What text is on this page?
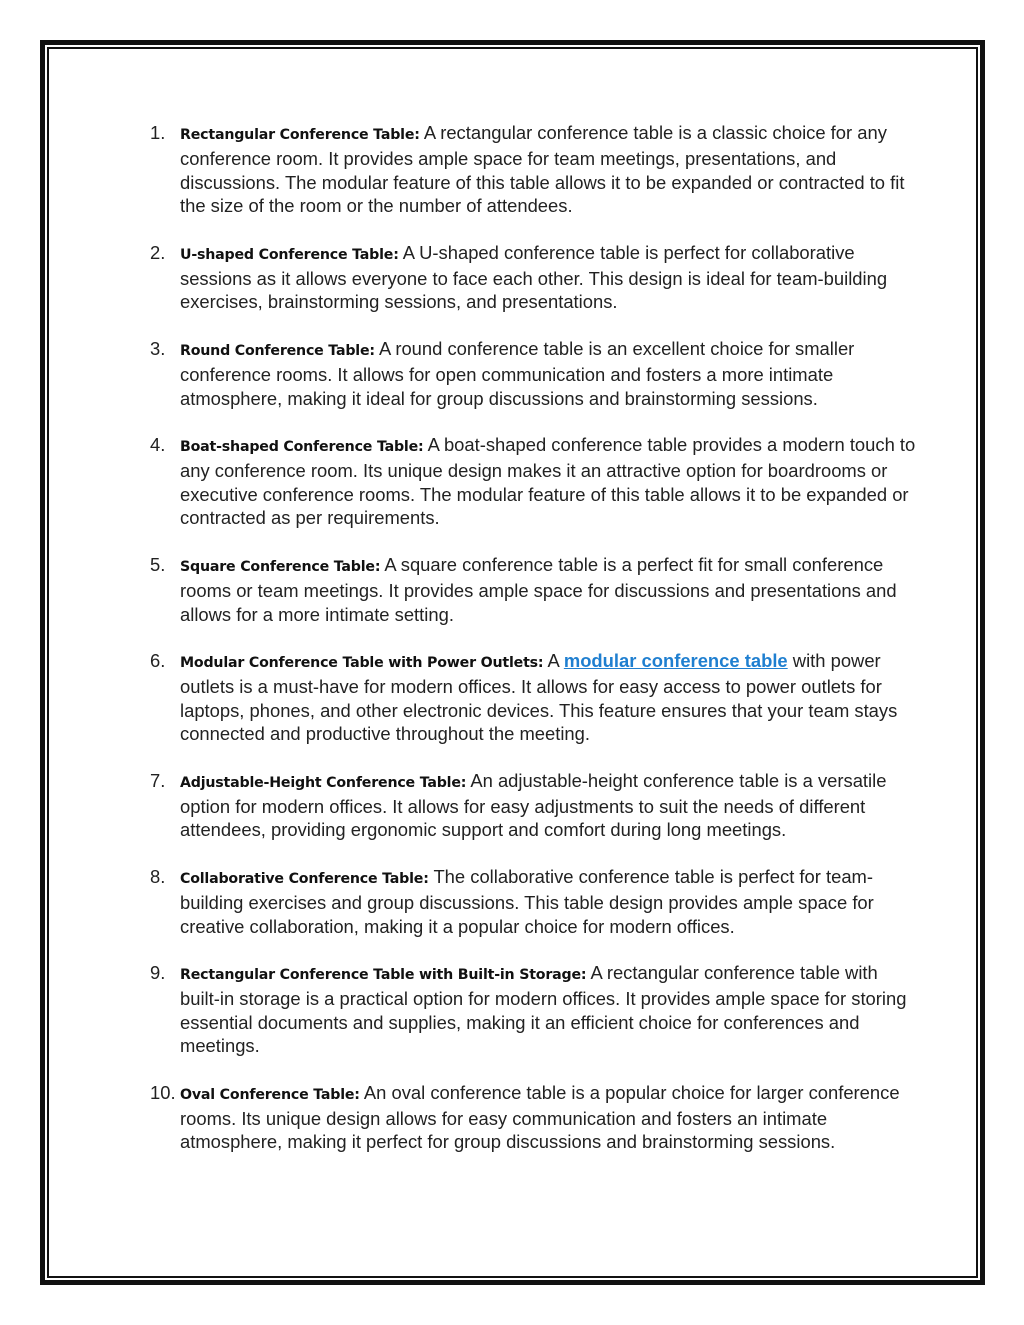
1. Rectangular Conference Table: A rectangular conference table is a classic choice for any conference room. It provides ample space for team meetings, presentations, and discussions. The modular feature of this table allows it to be expanded or contracted to fit the size of the room or the number of attendees.
2. U-shaped Conference Table: A U-shaped conference table is perfect for collaborative sessions as it allows everyone to face each other. This design is ideal for team-building exercises, brainstorming sessions, and presentations.
3. Round Conference Table: A round conference table is an excellent choice for smaller conference rooms. It allows for open communication and fosters a more intimate atmosphere, making it ideal for group discussions and brainstorming sessions.
4. Boat-shaped Conference Table: A boat-shaped conference table provides a modern touch to any conference room. Its unique design makes it an attractive option for boardrooms or executive conference rooms. The modular feature of this table allows it to be expanded or contracted as per requirements.
5. Square Conference Table: A square conference table is a perfect fit for small conference rooms or team meetings. It provides ample space for discussions and presentations and allows for a more intimate setting.
6. Modular Conference Table with Power Outlets: A modular conference table with power outlets is a must-have for modern offices. It allows for easy access to power outlets for laptops, phones, and other electronic devices. This feature ensures that your team stays connected and productive throughout the meeting.
7. Adjustable-Height Conference Table: An adjustable-height conference table is a versatile option for modern offices. It allows for easy adjustments to suit the needs of different attendees, providing ergonomic support and comfort during long meetings.
8. Collaborative Conference Table: The collaborative conference table is perfect for team-building exercises and group discussions. This table design provides ample space for creative collaboration, making it a popular choice for modern offices.
9. Rectangular Conference Table with Built-in Storage: A rectangular conference table with built-in storage is a practical option for modern offices. It provides ample space for storing essential documents and supplies, making it an efficient choice for conferences and meetings.
10. Oval Conference Table: An oval conference table is a popular choice for larger conference rooms. Its unique design allows for easy communication and fosters an intimate atmosphere, making it perfect for group discussions and brainstorming sessions.
